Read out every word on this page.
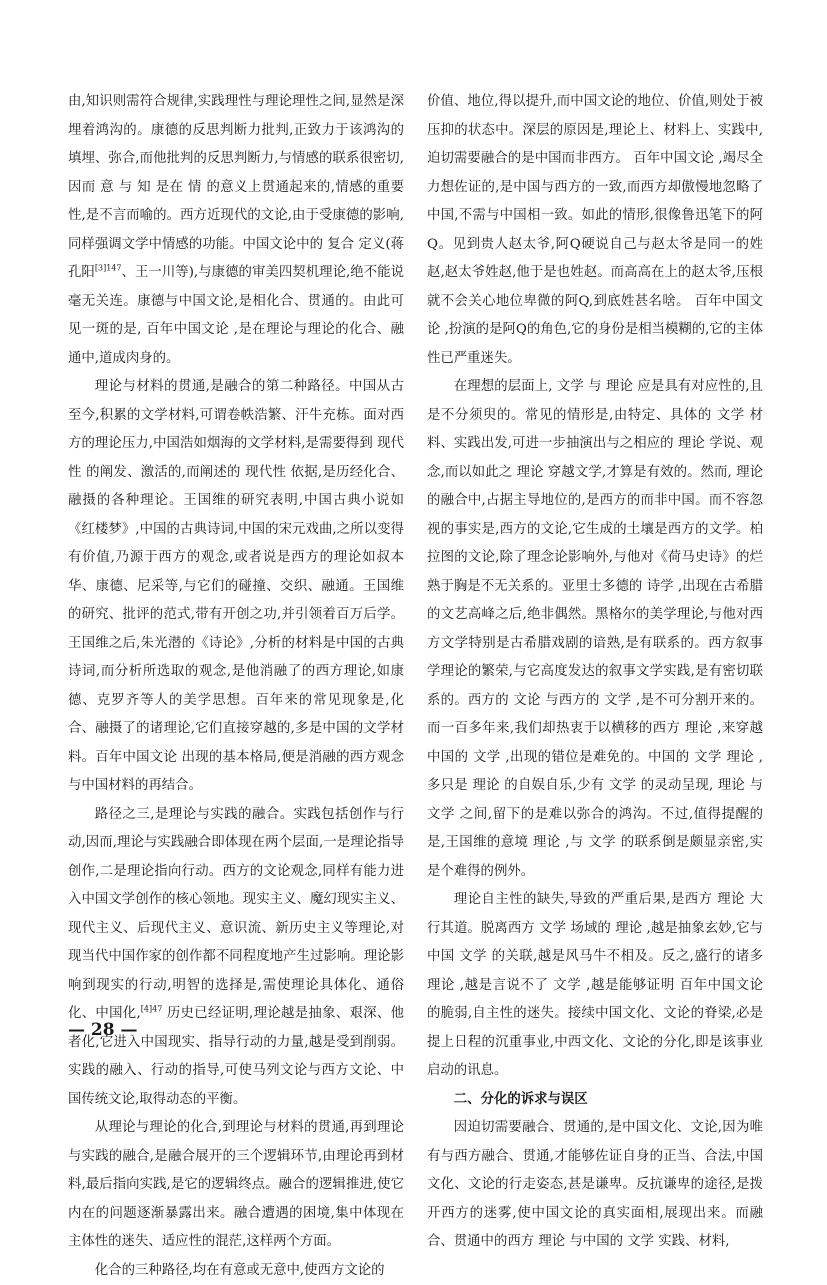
由,知识则需符合规律,实践理性与理论理性之间,显然是深埋着鸿沟的。康德的反思判断力批判,正致力于该鸿沟的填埋、弥合,而他批判的反思判断力,与情感的联系很密切,因而 意 与 知 是在 情 的意义上贯通起来的,情感的重要性,是不言而喻的。西方近现代的文论,由于受康德的影响,同样强调文学中情感的功能。中国文论中的 复合 定义(蒋孔阳$^{[3]147}$、王一川等),与康德的审美四契机理论,绝不能说毫无关连。康德与中国文论,是相化合、贯通的。由此可见一斑的是, 百年中国文论 ,是在理论与理论的化合、融通中,道成肉身的。

理论与材料的贯通,是融合的第二种路径。中国从古至今,积累的文学材料,可谓卷帙浩繁、汗牛充栋。面对西方的理论压力,中国浩如烟海的文学材料,是需要得到 现代性 的阐发、激活的,而阐述的 现代性 依据,是历经化合、融摄的各种理论。王国维的研究表明,中国古典小说如《红楼梦》,中国的古典诗词,中国的宋元戏曲,之所以变得有价值,乃源于西方的观念,或者说是西方的理论如叔本华、康德、尼采等,与它们的碰撞、交织、融通。王国维的研究、批评的范式,带有开创之功,并引领着百万后学。王国维之后,朱光潜的《诗论》,分析的材料是中国的古典诗词,而分析所选取的观念,是他消融了的西方理论,如康德、克罗齐等人的美学思想。百年来的常见现象是,化合、融摄了的诸理论,它们直接穿越的,多是中国的文学材料。百年中国文论 出现的基本格局,便是消融的西方观念与中国材料的再结合。

路径之三,是理论与实践的融合。实践包括创作与行动,因而,理论与实践融合即体现在两个层面,一是理论指导创作,二是理论指向行动。西方的文论观念,同样有能力进入中国文学创作的核心领地。现实主义、魔幻现实主义、现代主义、后现代主义、意识流、新历史主义等理论,对现当代中国作家的创作都不同程度地产生过影响。理论影响到现实的行动,明智的选择是,需使理论具体化、通俗化、中国化,$^{[4]47}$ 历史已经证明,理论越是抽象、艰深、他者化,它进入中国现实、指导行动的力量,越是受到削弱。实践的融入、行动的指导,可使马列文论与西方文论、中国传统文论,取得动态的平衡。

从理论与理论的化合,到理论与材料的贯通,再到理论与实践的融合,是融合展开的三个逻辑环节,由理论再到材料,最后指向实践,是它的逻辑终点。融合的逻辑推进,使它内在的问题逐渐暴露出来。融合遭遇的困境,集中体现在主体性的迷失、适应性的混茫,这样两个方面。

化合的三种路径,均在有意或无意中,使西方文论的

价值、地位,得以提升,而中国文论的地位、价值,则处于被压抑的状态中。深层的原因是,理论上、材料上、实践中,迫切需要融合的是中国而非西方。 百年中国文论 ,竭尽全力想佐证的,是中国与西方的一致,而西方却傲慢地忽略了中国,不需与中国相一致。如此的情形,很像鲁迅笔下的阿Q。见到贵人赵太爷,阿Q硬说自己与赵太爷是同一的姓赵,赵太爷姓赵,他于是也姓赵。而高高在上的赵太爷,压根就不会关心地位卑微的阿Q,到底姓甚名啥。 百年中国文论 ,扮演的是阿Q的角色,它的身份是相当模糊的,它的主体性已严重迷失。

在理想的层面上, 文学 与 理论 应是具有对应性的,且是不分须臾的。常见的情形是,由特定、具体的 文学 材料、实践出发,可进一步抽演出与之相应的 理论 学说、观念,而以如此之 理论 穿越文学,才算是有效的。然而, 理论 的融合中,占据主导地位的,是西方的而非中国。而不容忽视的事实是,西方的文论,它生成的土壤是西方的文学。柏拉图的文论,除了理念论影响外,与他对《荷马史诗》的烂熟于胸是不无关系的。亚里士多德的 诗学 ,出现在古希腊的文艺高峰之后,绝非偶然。黑格尔的美学理论,与他对西方文学特别是古希腊戏剧的谙熟,是有联系的。西方叙事学理论的繁荣,与它高度发达的叙事文学实践,是有密切联系的。西方的 文论 与西方的 文学 ,是不可分割开来的。而一百多年来,我们却热衷于以横移的西方 理论 ,来穿越中国的 文学 ,出现的错位是难免的。中国的 文学 理论 ,多只是 理论 的自娱自乐,少有 文学 的灵动呈现, 理论 与 文学 之间,留下的是难以弥合的鸿沟。不过,值得提醒的是,王国维的意境 理论 ,与 文学 的联系倒是颇显亲密,实是个难得的例外。

理论自主性的缺失,导致的严重后果,是西方 理论 大行其道。脱离西方 文学 场域的 理论 ,越是抽象玄妙,它与中国 文学 的关联,越是风马牛不相及。反之,盛行的诸多 理论 ,越是言说不了 文学 ,越是能够证明 百年中国文论 的脆弱,自主性的迷失。接续中国文化、文论的脊梁,必是提上日程的沉重事业,中西文化、文论的分化,即是该事业启动的讯息。

二、分化的诉求与误区

因迫切需要融合、贯通的,是中国文化、文论,因为唯有与西方融合、贯通,才能够佐证自身的正当、合法,中国文化、文论的行走姿态,甚是谦卑。反抗谦卑的途径,是拨开西方的迷雾,使中国文论的真实面相,展现出来。而融合、贯通中的西方 理论 与中国的 文学 实践、材料,

— 28 —
